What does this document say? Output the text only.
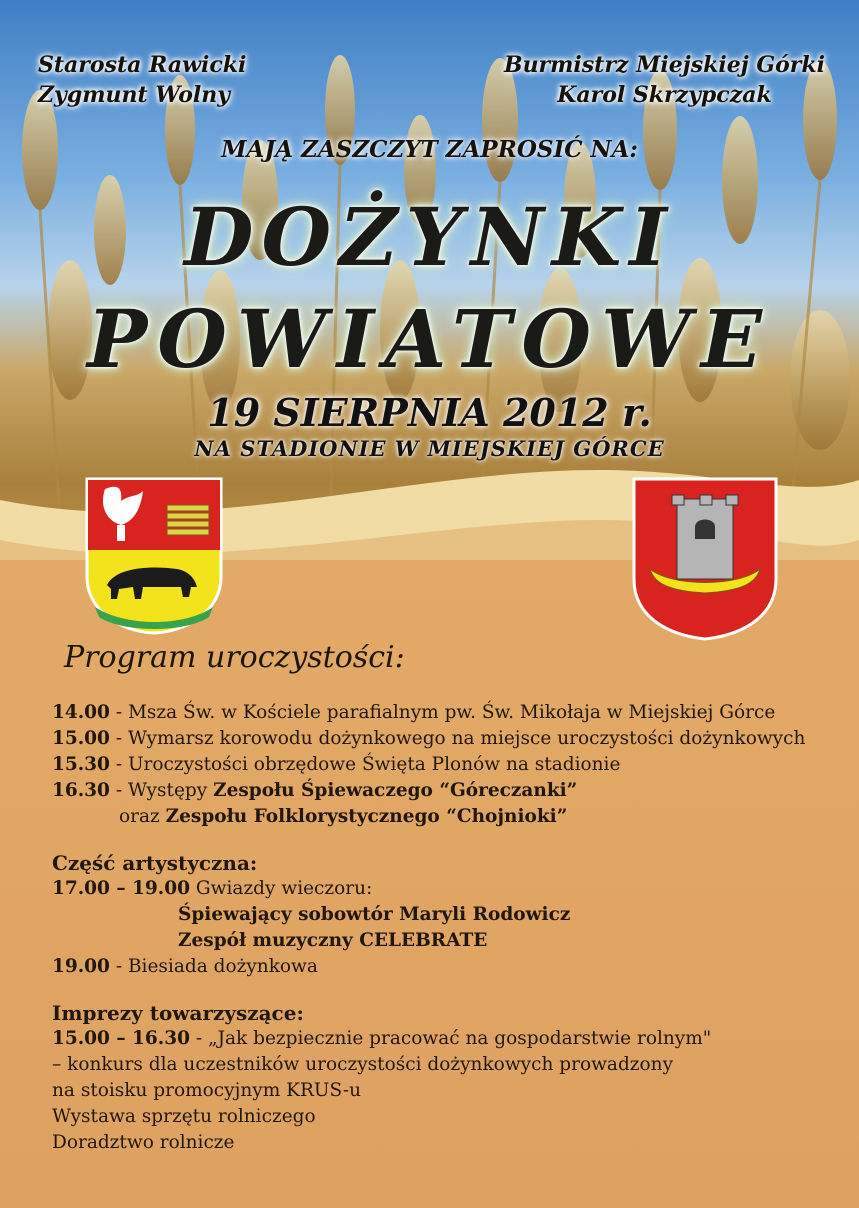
Starosta Rawicki
Zygmunt Wolny
Burmistrz Miejskiej Górki
Karol Skrzypczak
MAJĄ ZASZCZYT ZAPROSIĆ NA:
DOŻYNKI
POWIATOWE
19 SIERPNIA 2012 r.
NA STADIONIE W MIEJSKIEJ GÓRCE
Program uroczystości:
14.00 - Msza Św. w Kościele parafialnym pw. Św. Mikołaja w Miejskiej Górce
15.00 - Wymarsz korowodu dożynkowego na miejsce uroczystości dożynkowych
15.30 - Uroczystości obrzędowe Święta Plonów na stadionie
16.30 - Występy Zespołu Śpiewaczego “Góreczanki”
oraz Zespołu Folklorystycznego “Chojnioki”
Część artystyczna:
17.00 – 19.00 Gwiazdy wieczoru:
Śpiewający sobowtór Maryli Rodowicz
Zespół muzyczny CELEBRATE
19.00 - Biesiada dożynkowa
Imprezy towarzyszące:
15.00 – 16.30 - „Jak bezpiecznie pracować na gospodarstwie rolnym"
– konkurs dla uczestników uroczystości dożynkowych prowadzony
na stoisku promocyjnym KRUS-u
Wystawa sprzętu rolniczego
Doradztwo rolnicze
